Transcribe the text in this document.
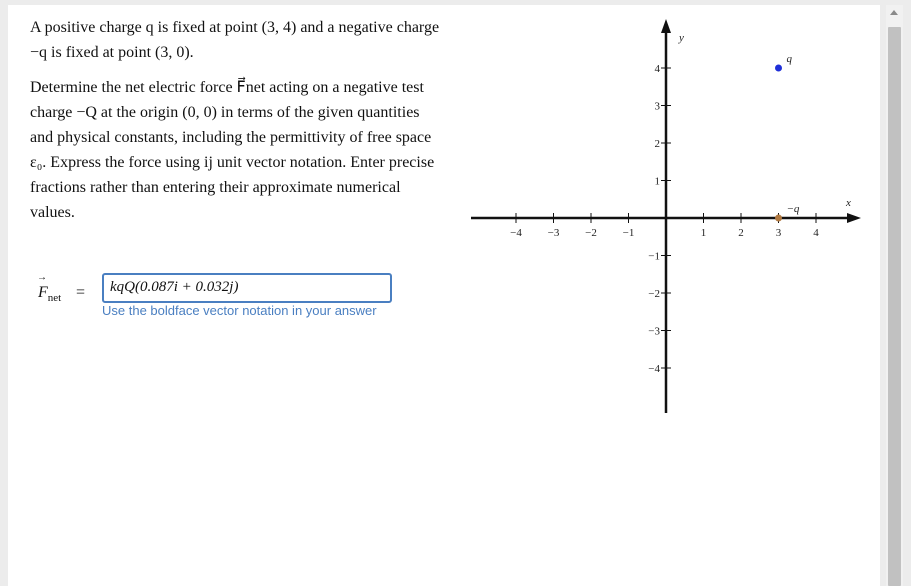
A positive charge q is fixed at point (3, 4) and a negative charge −q is fixed at point (3, 0).

Determine the net electric force F⃗net acting on a negative test charge −Q at the origin (0, 0) in terms of the given quantities and physical constants, including the permittivity of free space ε₀. Express the force using ij unit vector notation. Enter precise fractions rather than entering their approximate numerical values.

→ $F_{net} = kqQ(0.087i + 0.032j)$
Use the boldface vector notation in your answer
x
y
−4 −3 −2 −1	1	2	3	4
−4
−3
−2
−1
1
2
3
4
q
−q
